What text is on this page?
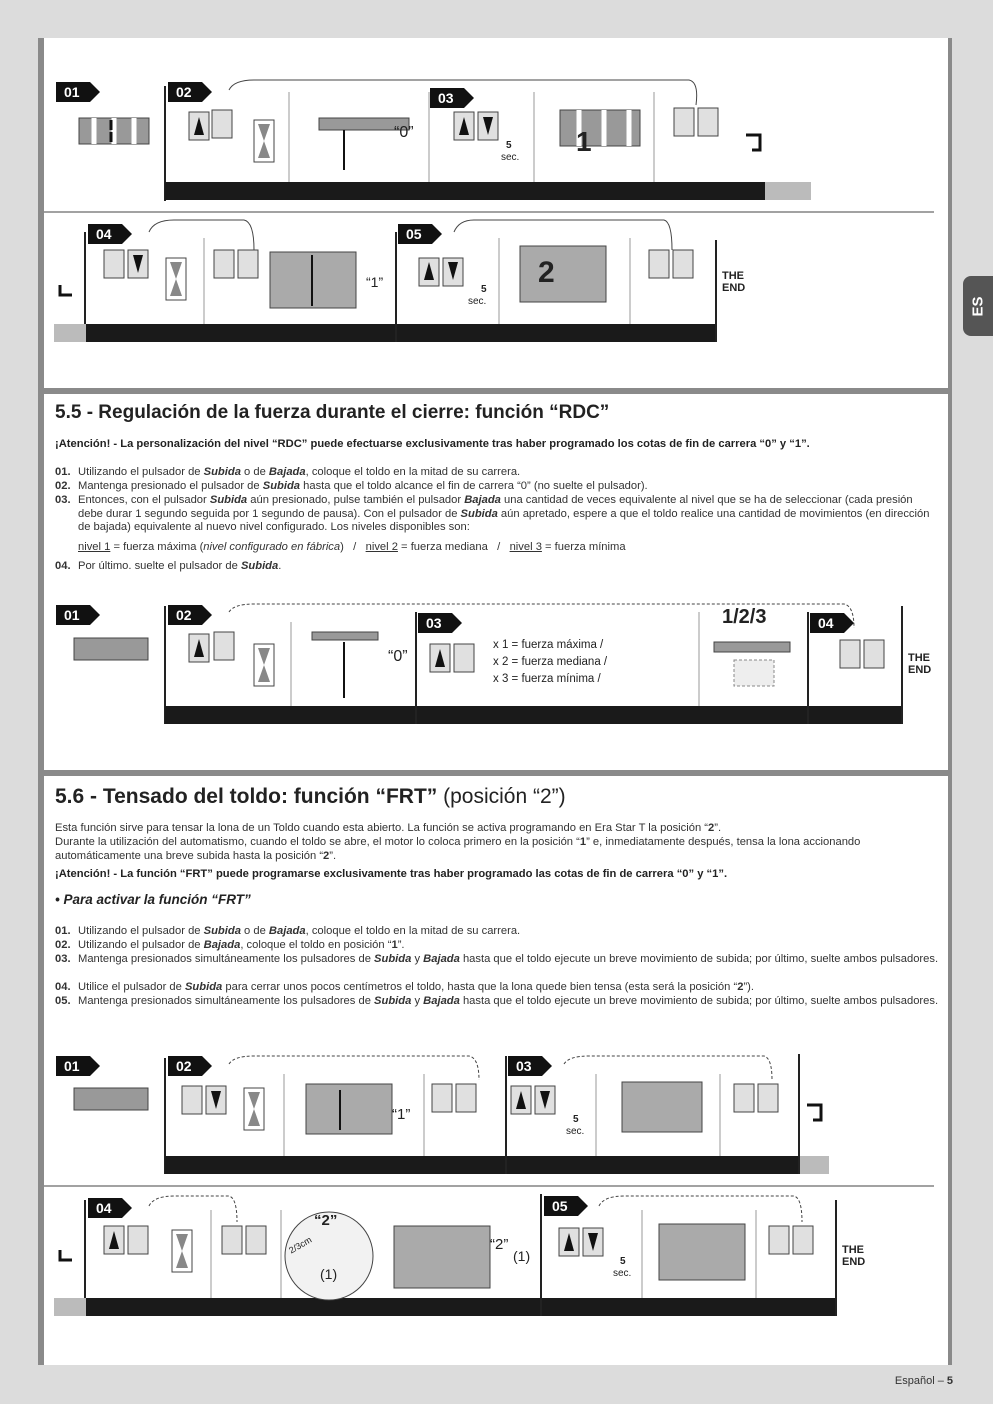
ES
01	02	03
04	05
“0”
5
sec.
1
“1”	5
sec.
2	THE
END
5.5 - Regulación de la fuerza durante el cierre: función “RDC”
¡Atención! - La personalización del nivel “RDC” puede efectuarse exclusivamente tras haber programado los cotas de fin de carrera “0” y “1”.
01. Utilizando el pulsador de Subida o de Bajada, coloque el toldo en la mitad de su carrera.
02. Mantenga presionado el pulsador de Subida hasta que el toldo alcance el fin de carrera “0” (no suelte el pulsador).
03. Entonces, con el pulsador Subida aún presionado, pulse también el pulsador Bajada una cantidad de veces equivalente al nivel que se ha de seleccionar (cada presión debe durar 1 segundo seguida por 1 segundo de pausa). Con el pulsador de Subida aún apretado, espere a que el toldo realice una cantidad de movimientos (en dirección de bajada) equivalente al nuevo nivel configurado. Los niveles disponibles son:
nivel 1 = fuerza máxima (nivel configurado en fábrica)   /   nivel 2 = fuerza mediana   /   nivel 3 = fuerza mínima
04. Por último. suelte el pulsador de Subida.
01	02	03	04
“0”
x 1 = fuerza máxima /
x 2 = fuerza mediana /
x 3 = fuerza mínima /
1/2/3
THE
END
5.6 - Tensado del toldo: función “FRT” (posición “2”)
Esta función sirve para tensar la lona de un Toldo cuando esta abierto. La función se activa programando en Era Star T la posición “2”.
Durante la utilización del automatismo, cuando el toldo se abre, el motor lo coloca primero en la posición “1” e, inmediatamente después, tensa la lona accionando automáticamente una breve subida hasta la posición “2”.
¡Atención! - La función “FRT” puede programarse exclusivamente tras haber programado las cotas de fin de carrera “0” y “1”.
• Para activar la función “FRT”
01. Utilizando el pulsador de Subida o de Bajada, coloque el toldo en la mitad de su carrera.
02. Utilizando el pulsador de Bajada, coloque el toldo en posición “1”.
03. Mantenga presionados simultáneamente los pulsadores de Subida y Bajada hasta que el toldo ejecute un breve movimiento de subida; por último, suelte ambos pulsadores.
04. Utilice el pulsador de Subida para cerrar unos pocos centímetros el toldo, hasta que la lona quede bien tensa (esta será la posición “2”).
05. Mantenga presionados simultáneamente los pulsadores de Subida y Bajada hasta que el toldo ejecute un breve movimiento de subida; por último, suelte ambos pulsadores.
01	02	03
04	05
“1”	5
sec.
“2”
2/3cm
(1)
“2”
(1)	5
sec.
THE
END
Español – 5
